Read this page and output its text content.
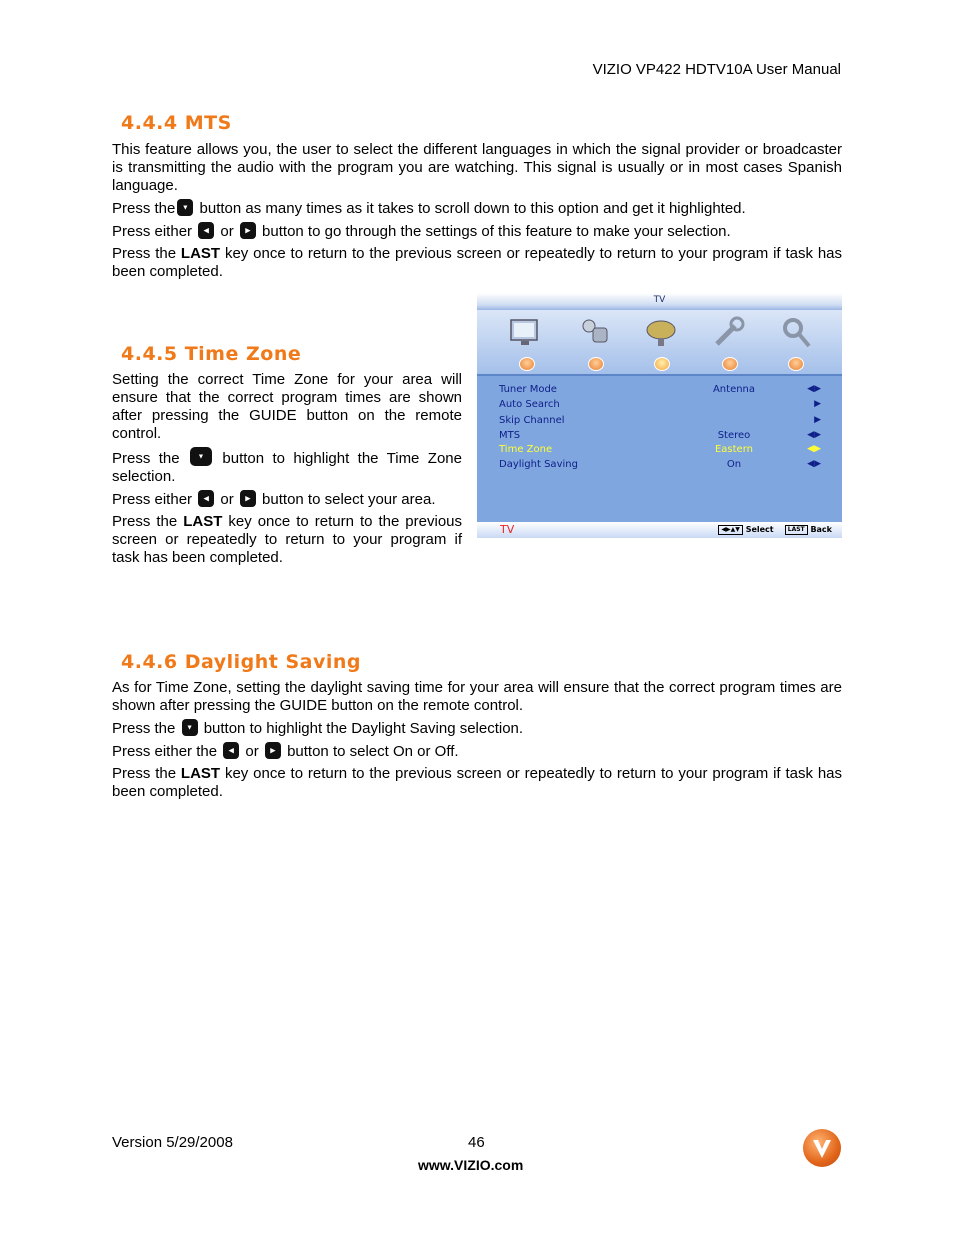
VIZIO VP422 HDTV10A User Manual
4.4.4 MTS
This feature allows you, the user to select the different languages in which the signal provider or broadcaster is transmitting the audio with the program you are watching. This signal is usually or in most cases Spanish language.
Press the ▼ button as many times as it takes to scroll down to this option and get it highlighted.
Press either	◀ or	▶ button to go through the settings of this feature to make your selection.
Press the LAST key once to return to the previous screen or repeatedly to return to your program if task has been completed.
4.4.5 Time Zone
Setting the correct Time Zone for your area will ensure that the correct program times are shown after pressing the GUIDE button on the remote control.
Press the	▼ button to highlight the Time Zone selection.
Press either	◀ or	▶ button to select your area.
Press the LAST key once to return to the previous screen or repeatedly to return to your program if task has been completed.
TV
Tuner Mode	Antenna	◀▶
Auto Search	▶
Skip Channel	▶
MTS	Stereo	◀▶
Time Zone	Eastern	◀▶
Daylight Saving	On	◀▶
TV	◀▶▲▼ Select LAST Back
4.4.6 Daylight Saving
As for Time Zone, setting the daylight saving time for your area will ensure that the correct program times are shown after pressing the GUIDE button on the remote control.
Press the ▼ button to highlight the Daylight Saving selection.
Press either the	◀ or	▶ button to select On or Off.
Press the LAST key once to return to the previous screen or repeatedly to return to your program if task has been completed.
Version 5/29/2008	46
www.VIZIO.com
